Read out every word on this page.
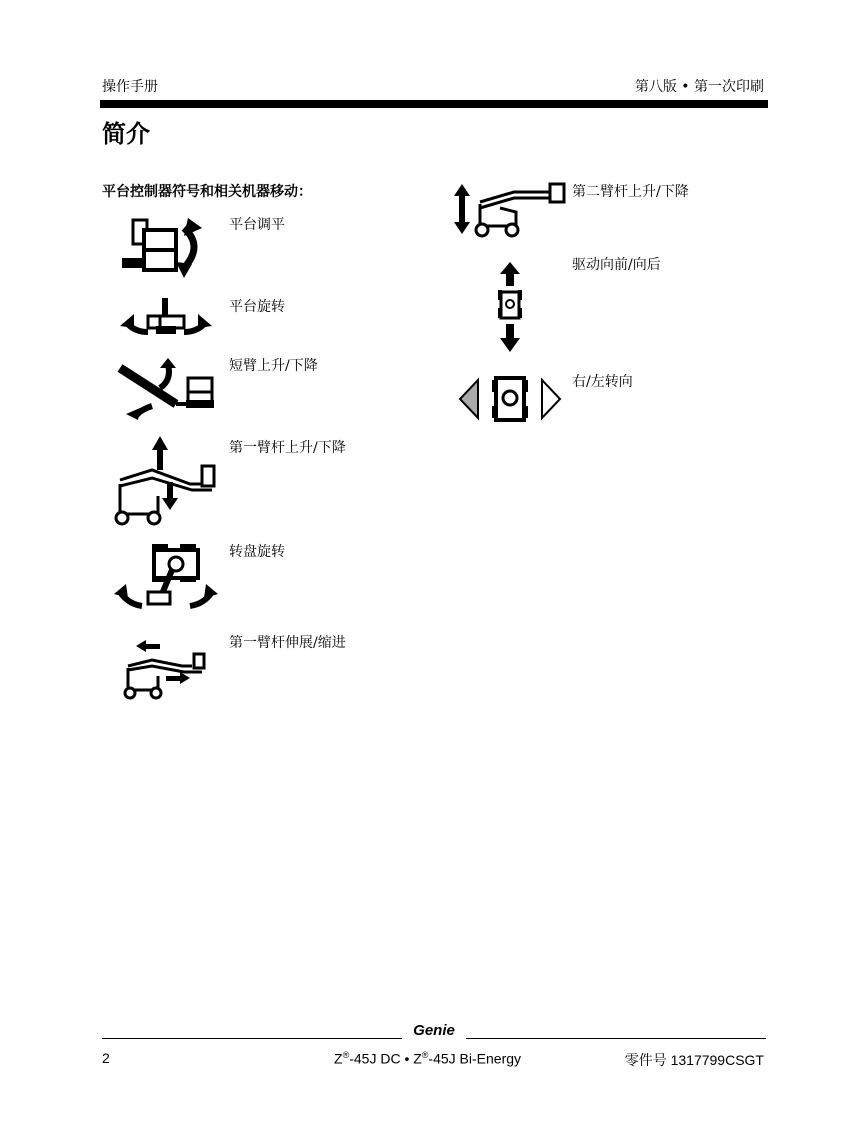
操作手册	第八版 • 第一次印刷
简介
平台控制器符号和相关机器移动：
平台调平
平台旋转
短臂上升/下降
第一臂杆上升/下降
转盘旋转
第一臂杆伸展/缩进
第二臂杆上升/下降
驱动向前/向后
右/左转向
Genie
2	Z®-45J DC • Z®-45J Bi-Energy	零件号 1317799CSGT
